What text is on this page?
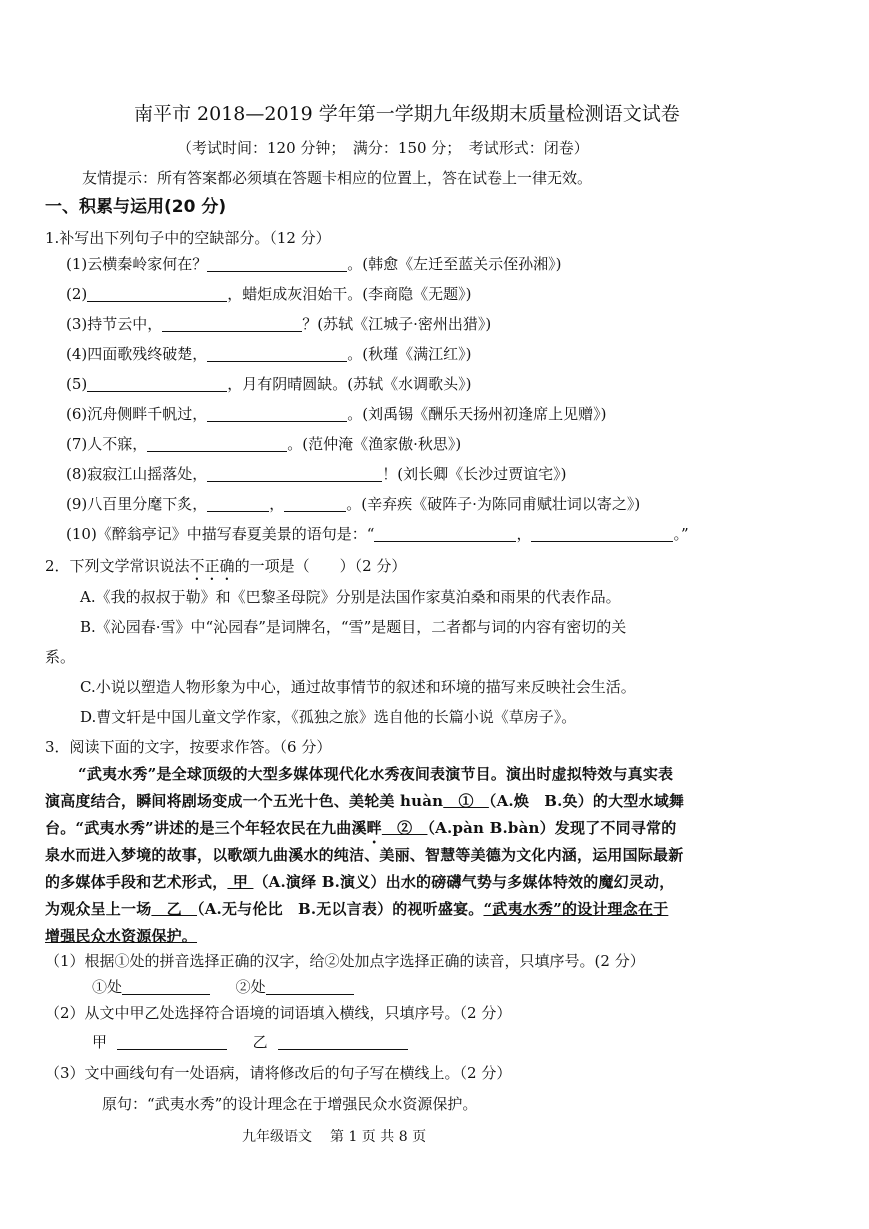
南平市 2018—2019 学年第一学期九年级期末质量检测语文试卷
（考试时间：120 分钟；　满分：150 分；　考试形式：闭卷）
友情提示：所有答案都必须填在答题卡相应的位置上，答在试卷上一律无效。
一、积累与运用(20 分)
1.补写出下列句子中的空缺部分。（12 分）
(1)云横秦岭家何在？	。(韩愈《左迁至蓝关示侄孙湘》)
(2)	，蜡炬成灰泪始干。(李商隐《无题》)
(3)持节云中，	？(苏轼《江城子·密州出猎》)
(4)四面歌残终破楚，	。(秋瑾《满江红》)
(5)	，月有阴晴圆缺。(苏轼《水调歌头》)
(6)沉舟侧畔千帆过，	。(刘禹锡《酬乐天扬州初逢席上见赠》)
(7)人不寐，	。(范仲淹《渔家傲·秋思》)
(8)寂寂江山摇落处，	！(刘长卿《长沙过贾谊宅》)
(9)八百里分麾下炙，	，	。(辛弃疾《破阵子·为陈同甫赋壮词以寄之》)
(10)《醉翁亭记》中描写春夏美景的语句是：“	，	。”
2．下列文学常识说法不正确的一项是（　　）（2 分）
A.《我的叔叔于勒》和《巴黎圣母院》分别是法国作家莫泊桑和雨果的代表作品。
B.《沁园春·雪》中“沁园春”是词牌名，“雪”是题目，二者都与词的内容有密切的关
系。
C.小说以塑造人物形象为中心，通过故事情节的叙述和环境的描写来反映社会生活。
D.曹文轩是中国儿童文学作家，《孤独之旅》选自他的长篇小说《草房子》。
3．阅读下面的文字，按要求作答。（6 分）
“武夷水秀”是全球顶级的大型多媒体现代化水秀夜间表演节目。演出时虚拟特效与真实表
演高度结合，瞬间将剧场变成一个五光十色、美轮美 huàn　①　（A.焕　B.奂）的大型水域舞
台。“武夷水秀”讲述的是三个年轻农民在九曲溪畔　②　（A.pàn B.bàn）发现了不同寻常的
泉水而进入梦境的故事，以歌颂九曲溪水的纯洁、美丽、智慧等美德为文化内涵，运用国际最新
的多媒体手段和艺术形式， 甲 （A.演绎 B.演义）出水的磅礴气势与多媒体特效的魔幻灵动，
为观众呈上一场　乙　（A.无与伦比　B.无以言表）的视听盛宴。“武夷水秀”的设计理念在于
增强民众水资源保护。
（1）根据①处的拼音选择正确的汉字，给②处加点字选择正确的读音，只填序号。(2 分）
①处	②处
（2）从文中甲乙处选择符合语境的词语填入横线，只填序号。（2 分）
甲	乙
（3）文中画线句有一处语病，请将修改后的句子写在横线上。（2 分）
原句：“武夷水秀”的设计理念在于增强民众水资源保护。
九年级语文 第 1 页 共 8 页
